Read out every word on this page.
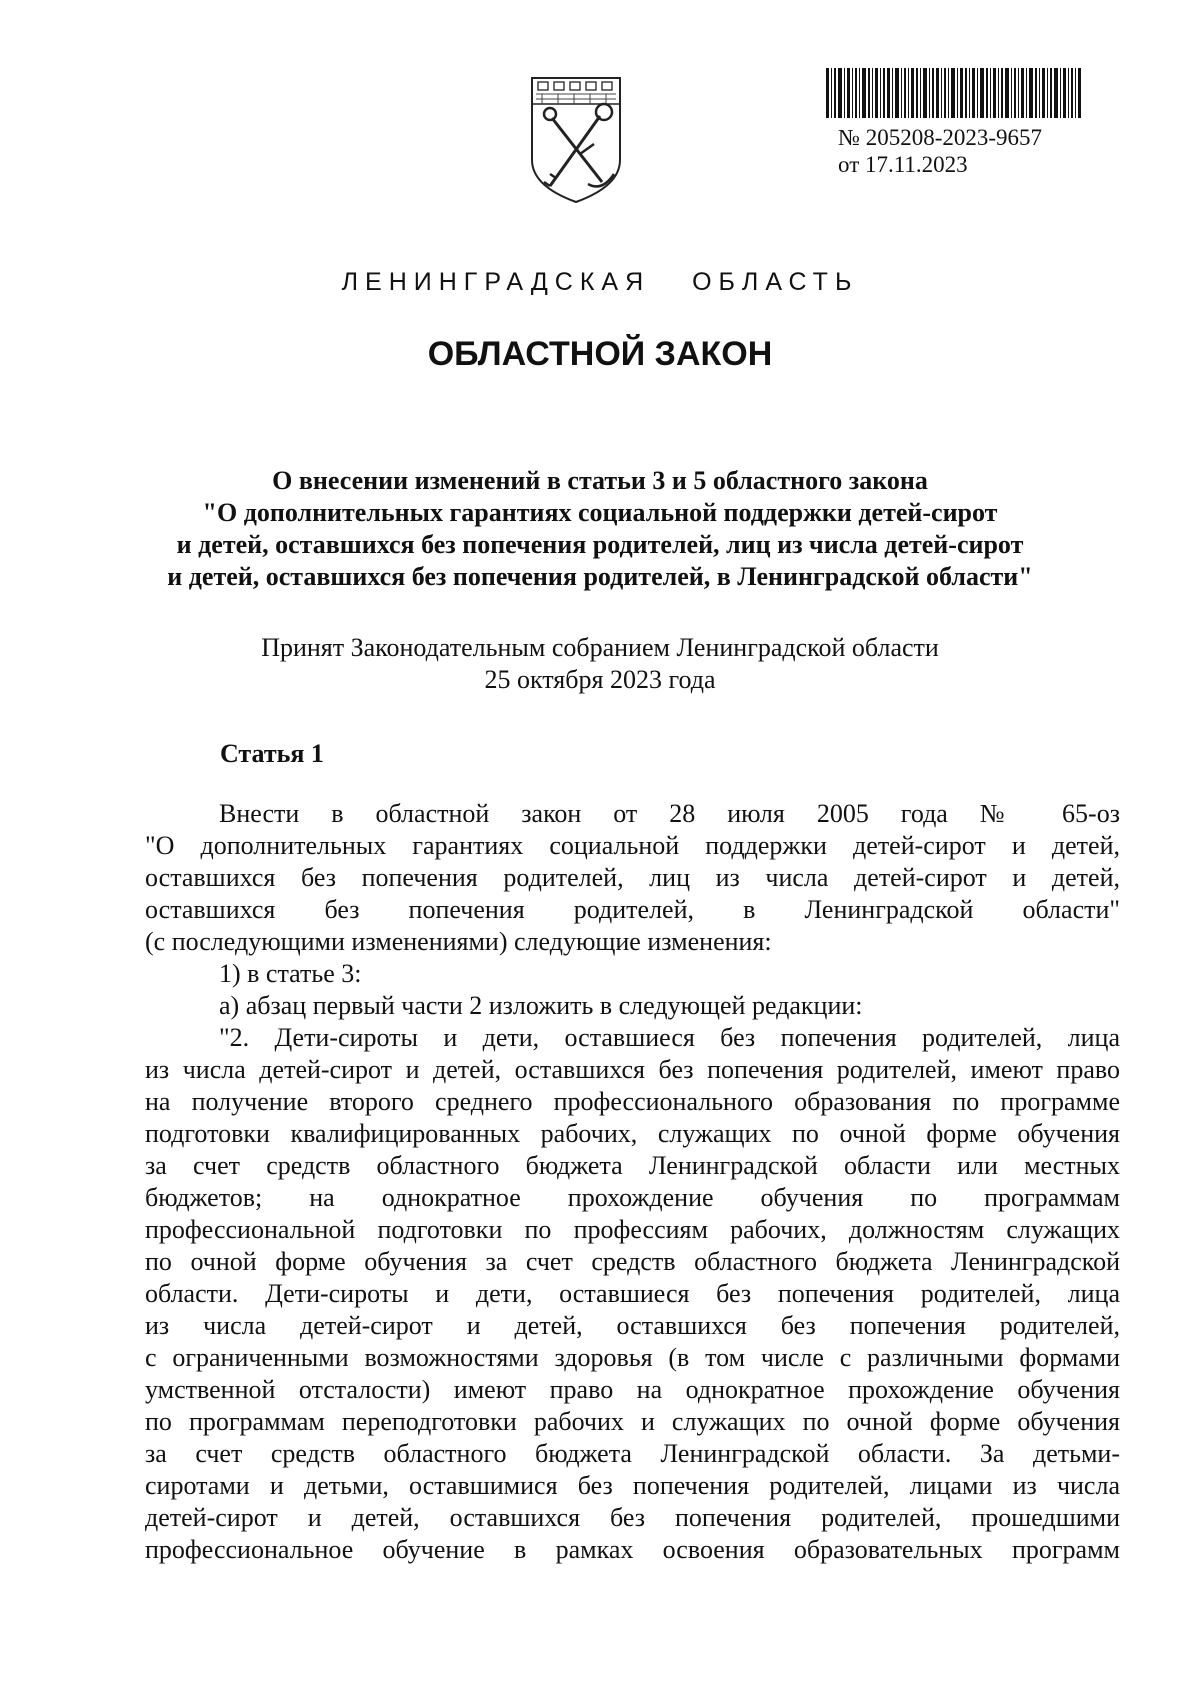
№ 205208-2023-9657
от 17.11.2023
ЛЕНИНГРАДСКАЯ ОБЛАСТЬ
ОБЛАСТНОЙ ЗАКОН
О внесении изменений в статьи 3 и 5 областного закона
"О дополнительных гарантиях социальной поддержки детей-сирот
и детей, оставшихся без попечения родителей, лиц из числа детей-сирот
и детей, оставшихся без попечения родителей, в Ленинградской области"
Принят Законодательным собранием Ленинградской области
25 октября 2023 года
Статья 1
Внести в областной закон от 28 июля 2005 года № 65-оз
"О дополнительных гарантиях социальной поддержки детей-сирот и детей,
оставшихся без попечения родителей, лиц из числа детей-сирот и детей,
оставшихся без попечения родителей, в Ленинградской области"
(с последующими изменениями) следующие изменения:
1) в статье 3:
а) абзац первый части 2 изложить в следующей редакции:
"2. Дети-сироты и дети, оставшиеся без попечения родителей, лица
из числа детей-сирот и детей, оставшихся без попечения родителей, имеют право
на получение второго среднего профессионального образования по программе
подготовки квалифицированных рабочих, служащих по очной форме обучения
за счет средств областного бюджета Ленинградской области или местных
бюджетов; на однократное прохождение обучения по программам
профессиональной подготовки по профессиям рабочих, должностям служащих
по очной форме обучения за счет средств областного бюджета Ленинградской
области. Дети-сироты и дети, оставшиеся без попечения родителей, лица
из числа детей-сирот и детей, оставшихся без попечения родителей,
с ограниченными возможностями здоровья (в том числе с различными формами
умственной отсталости) имеют право на однократное прохождение обучения
по программам переподготовки рабочих и служащих по очной форме обучения
за счет средств областного бюджета Ленинградской области. За детьми-
сиротами и детьми, оставшимися без попечения родителей, лицами из числа
детей-сирот и детей, оставшихся без попечения родителей, прошедшими
профессиональное обучение в рамках освоения образовательных программ
